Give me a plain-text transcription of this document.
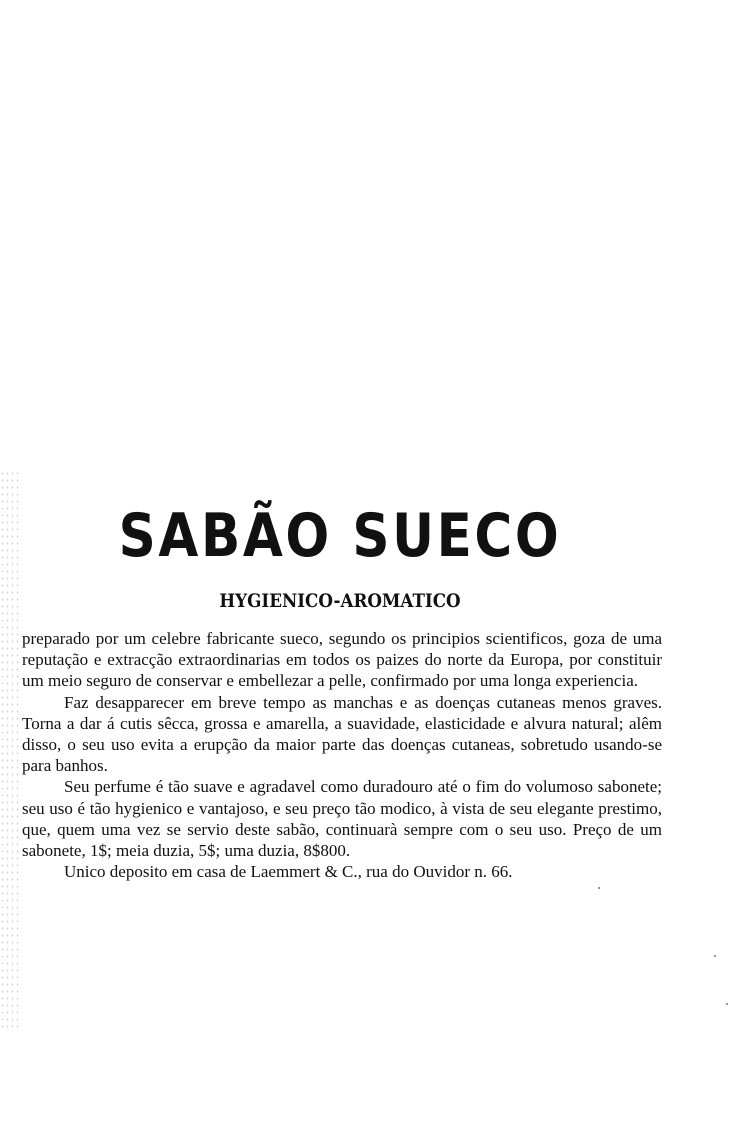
SABÃO SUECO
HYGIENICO-AROMATICO

preparado por um celebre fabricante sueco, segundo os principios scientificos, goza de uma reputação e extracção extraordinarias em todos os paizes do norte da Europa, por constituir um meio seguro de conservar e embellezar a pelle, confirmado por uma longa experiencia.

Faz desapparecer em breve tempo as manchas e as doenças cutaneas menos graves. Torna a dar á cutis sêcca, grossa e amarella, a suavidade, elasticidade e alvura natural; alêm disso, o seu uso evita a erupção da maior parte das doenças cutaneas, sobretudo usando-se para banhos.

Seu perfume é tão suave e agradavel como duradouro até o fim do volumoso sabonete; seu uso é tão hygienico e vantajoso, e seu preço tão modico, à vista de seu elegante prestimo, que, quem uma vez se servio deste sabão, continuarà sempre com o seu uso. Preço de um sabonete, 1$; meia duzia, 5$; uma duzia, 8$800.

Unico deposito em casa de Laemmert & C., rua do Ouvidor n. 66.
